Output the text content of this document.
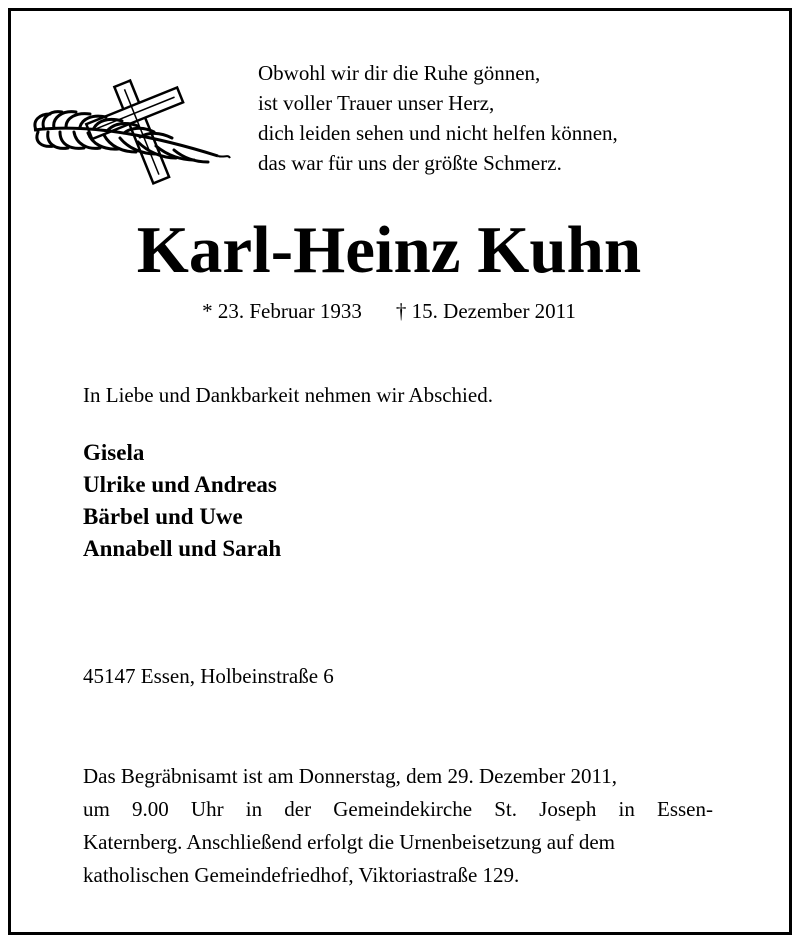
Obwohl wir dir die Ruhe gönnen,
ist voller Trauer unser Herz,
dich leiden sehen und nicht helfen können,
das war für uns der größte Schmerz.
Karl-Heinz Kuhn
* 23. Februar 1933 † 15. Dezember 2011
In Liebe und Dankbarkeit nehmen wir Abschied.
Gisela
Ulrike und Andreas
Bärbel und Uwe
Annabell und Sarah
45147 Essen, Holbeinstraße 6
Das Begräbnisamt ist am Donnerstag, dem 29. Dezember 2011,
um 9.00 Uhr in der Gemeindekirche St. Joseph in Essen-
Katernberg. Anschließend erfolgt die Urnenbeisetzung auf dem
katholischen Gemeindefriedhof, Viktoriastraße 129.
